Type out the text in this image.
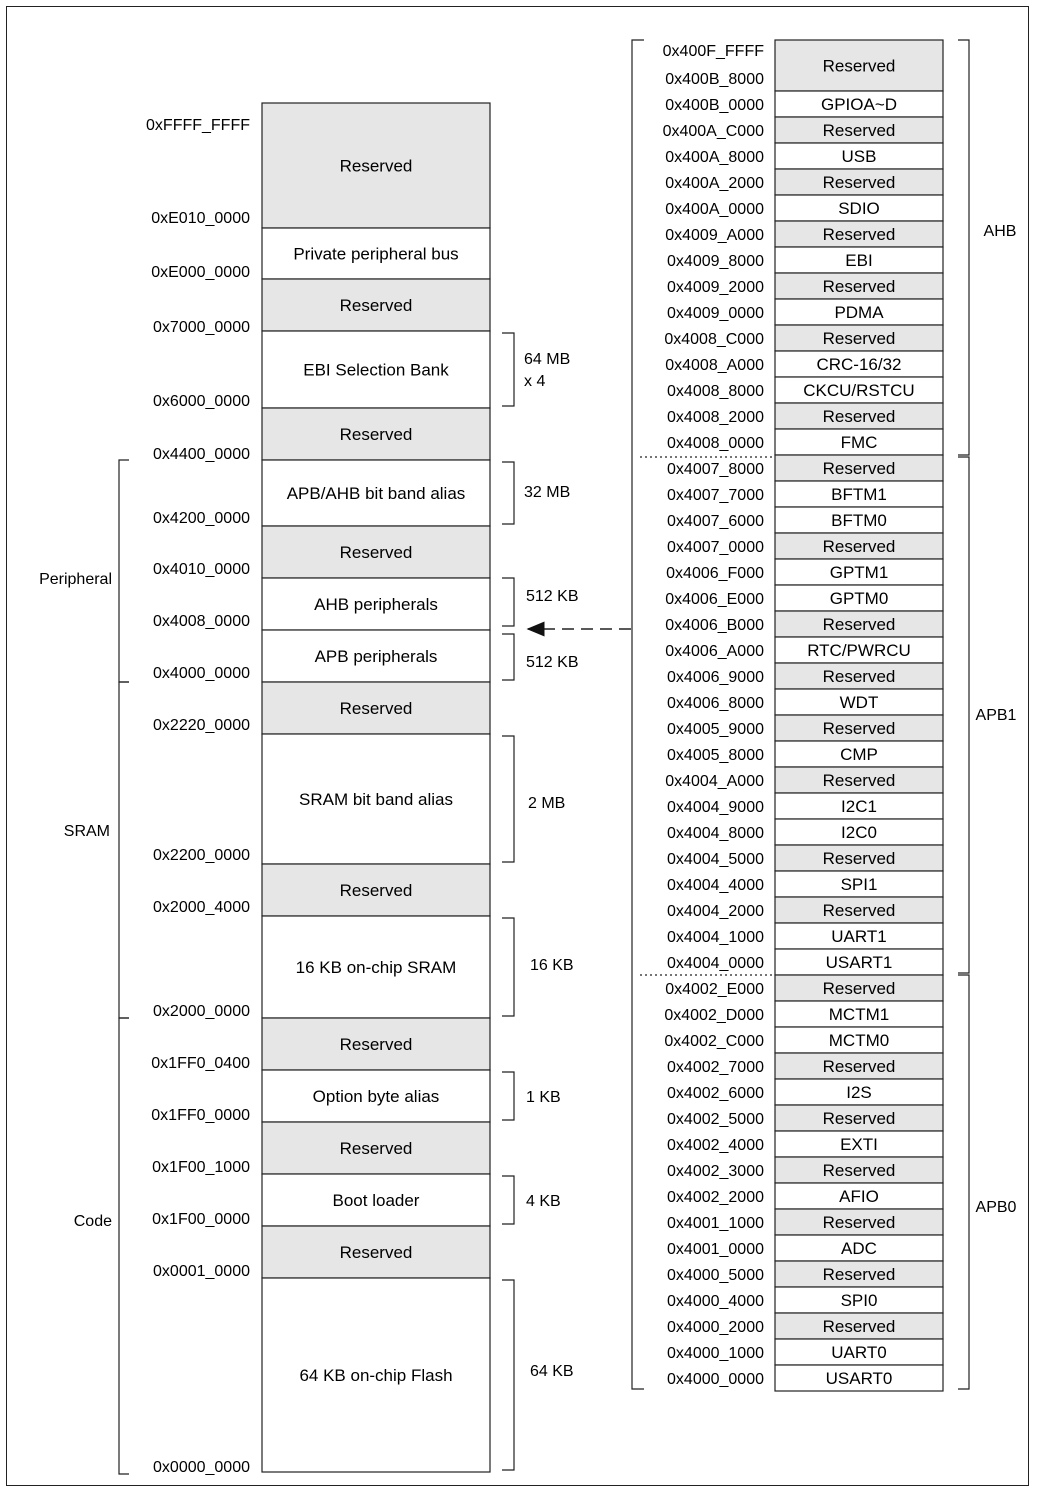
Reserved
Private peripheral bus
Reserved
EBI Selection Bank
Reserved
APB/AHB bit band alias
Reserved
AHB peripherals
APB peripherals
Reserved
SRAM bit band alias
Reserved
16 KB on-chip SRAM
Reserved
Option byte alias
Reserved
Boot loader
Reserved
64 KB on-chip Flash
0xFFFF_FFFF
0xE010_0000
0xE000_0000
0x7000_0000
0x6000_0000
0x4400_0000
0x4200_0000
0x4010_0000
0x4008_0000
0x4000_0000
0x2220_0000
0x2200_0000
0x2000_4000
0x2000_0000
0x1FF0_0400
0x1FF0_0000
0x1F00_1000
0x1F00_0000
0x0001_0000
0x0000_0000
64 MB
x 4
32 MB
512 KB
512 KB
2 MB
16 KB
1 KB
4 KB
64 KB
Peripheral
SRAM
Code
Reserved
GPIOA~D
Reserved
USB
Reserved
SDIO
Reserved
EBI
Reserved
PDMA
Reserved
CRC-16/32
CKCU/RSTCU
Reserved
FMC
Reserved
BFTM1
BFTM0
Reserved
GPTM1
GPTM0
Reserved
RTC/PWRCU
Reserved
WDT
Reserved
CMP
Reserved
I2C1
I2C0
Reserved
SPI1
Reserved
UART1
USART1
Reserved
MCTM1
MCTM0
Reserved
I2S
Reserved
EXTI
Reserved
AFIO
Reserved
ADC
Reserved
SPI0
Reserved
UART0
USART0
0x400F_FFFF
0x400B_8000
0x400B_0000
0x400A_C000
0x400A_8000
0x400A_2000
0x400A_0000
0x4009_A000
0x4009_8000
0x4009_2000
0x4009_0000
0x4008_C000
0x4008_A000
0x4008_8000
0x4008_2000
0x4008_0000
0x4007_8000
0x4007_7000
0x4007_6000
0x4007_0000
0x4006_F000
0x4006_E000
0x4006_B000
0x4006_A000
0x4006_9000
0x4006_8000
0x4005_9000
0x4005_8000
0x4004_A000
0x4004_9000
0x4004_8000
0x4004_5000
0x4004_4000
0x4004_2000
0x4004_1000
0x4004_0000
0x4002_E000
0x4002_D000
0x4002_C000
0x4002_7000
0x4002_6000
0x4002_5000
0x4002_4000
0x4002_3000
0x4002_2000
0x4001_1000
0x4001_0000
0x4000_5000
0x4000_4000
0x4000_2000
0x4000_1000
0x4000_0000
AHB
APB1
APB0
